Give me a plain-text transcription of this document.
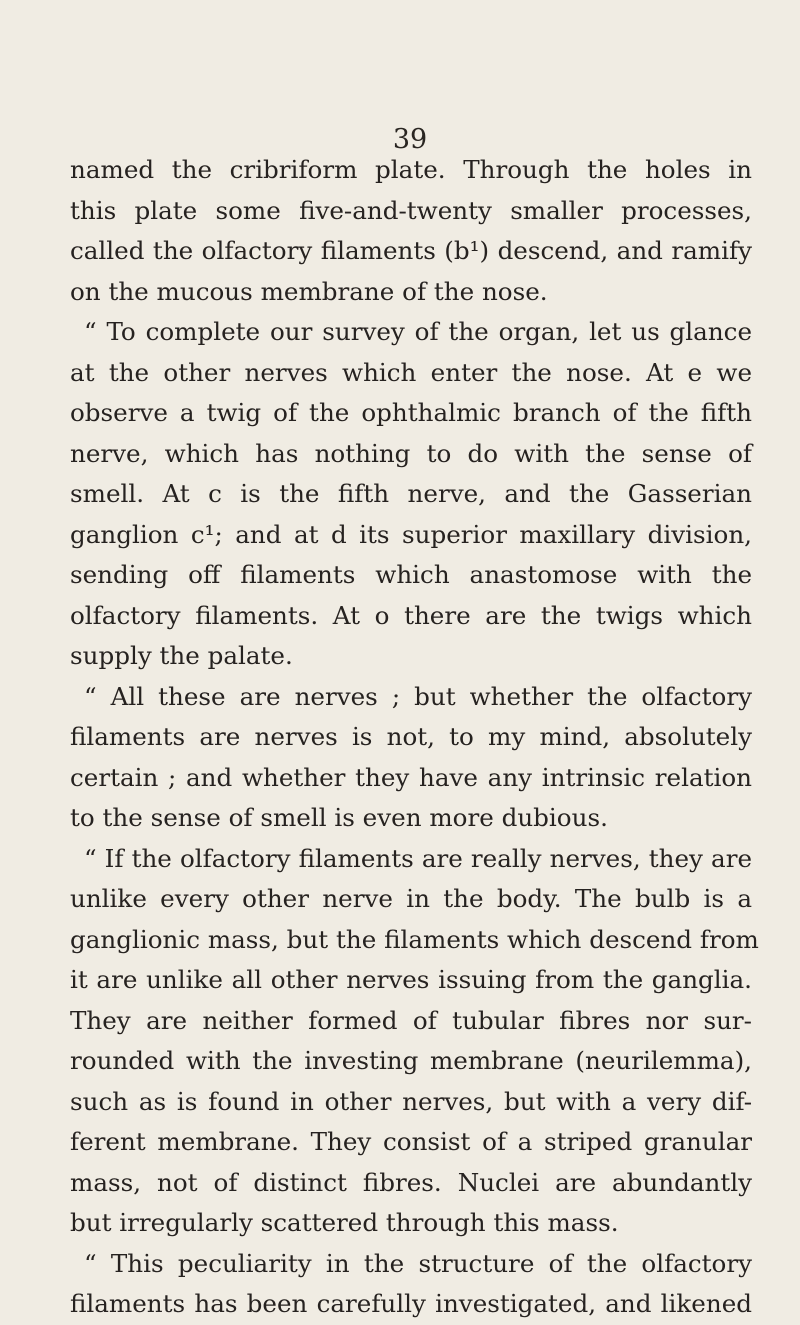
39
named the cribriform plate. Through the holes in
this plate some five-and-twenty smaller processes,
called the olfactory filaments (b¹) descend, and ramify
on the mucous membrane of the nose.
“ To complete our survey of the organ, let us glance
at the other nerves which enter the nose. At e we
observe a twig of the ophthalmic branch of the fifth
nerve, which has nothing to do with the sense of
smell. At c is the fifth nerve, and the Gasserian
ganglion c¹; and at d its superior maxillary division,
sending off filaments which anastomose with the
olfactory filaments. At o there are the twigs which
supply the palate.
“ All these are nerves ; but whether the olfactory
filaments are nerves is not, to my mind, absolutely
certain ; and whether they have any intrinsic relation
to the sense of smell is even more dubious.
“ If the olfactory filaments are really nerves, they are
unlike every other nerve in the body. The bulb is a
ganglionic mass, but the filaments which descend from
it are unlike all other nerves issuing from the ganglia.
They are neither formed of tubular fibres nor sur-
rounded with the investing membrane (neurilemma),
such as is found in other nerves, but with a very dif-
ferent membrane. They consist of a striped granular
mass, not of distinct fibres. Nuclei are abundantly
but irregularly scattered through this mass.
“ This peculiarity in the structure of the olfactory
filaments has been carefully investigated, and likened
